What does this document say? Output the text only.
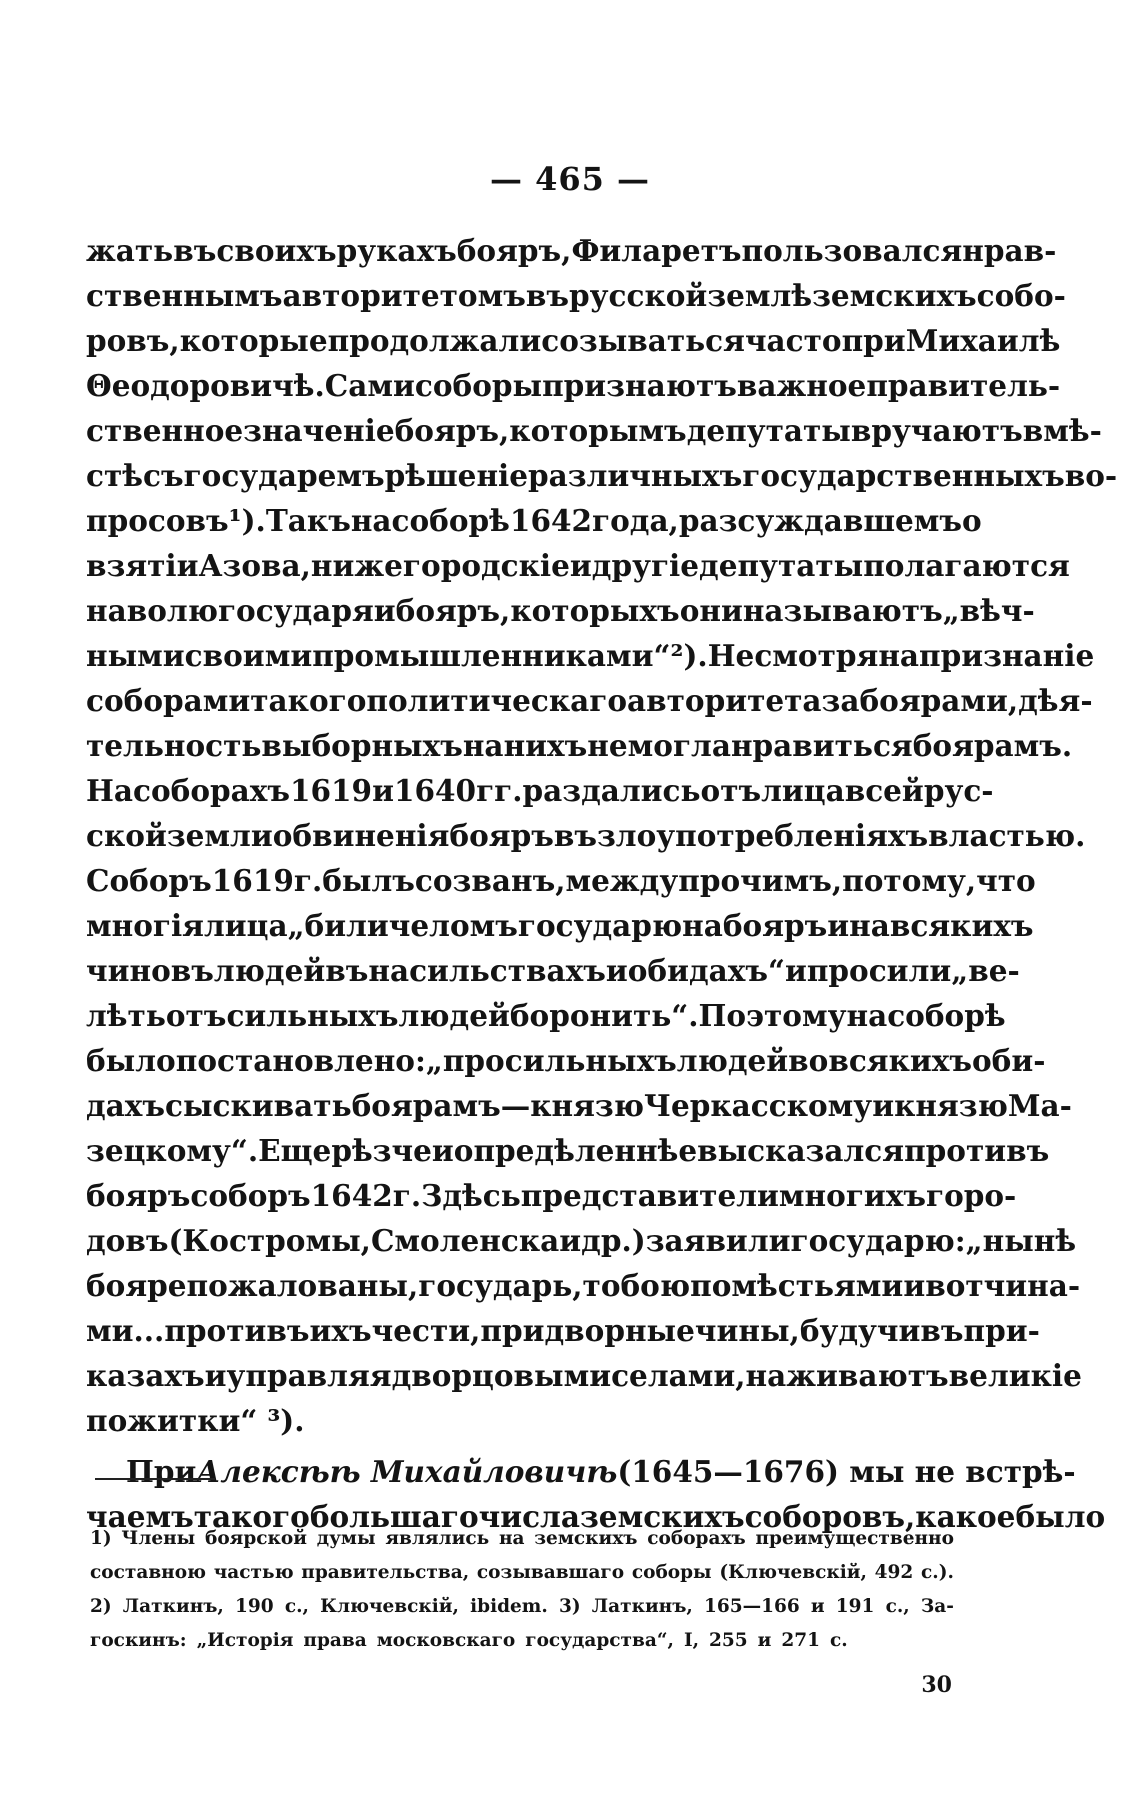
— 465 —
жать въ своихъ рукахъ бояръ, Филаретъ пользовался нрав-
ственнымъ авторитетомъ въ русской землѣ земскихъ собо-
ровъ, которые продолжали созываться часто при Михаилѣ
Θеодоровичѣ. Сами соборы признаютъ важное правитель-
ственное значеніе бояръ, которымъ депутаты вручаютъ вмѣ-
стѣ съ государемъ рѣшеніе различныхъ государственныхъ во-
просовъ ¹). Такъ на соборѣ 1642 года, разсуждавшемъ о
взятіи Азова, нижегородскіе и другіе депутаты полагаются
на волю государя и бояръ, которыхъ они называютъ „вѣч-
ными своими промышленниками“ ²). Не смотря на признаніе
соборами такого политическаго авторитета за боярами, дѣя-
тельность выборныхъ на нихъ не могла нравиться боярамъ.
На соборахъ 1619 и 1640 гг. раздались отъ лица всей рус-
ской земли обвиненія бояръ въ злоупотребленіяхъ властью.
Соборъ 1619 г. былъ созванъ, между прочимъ, потому, что
многія лица „били челомъ государю на бояръ и на всякихъ
чиновъ людей въ насильствахъ и обидахъ“ и просили „ве-
лѣть отъ сильныхъ людей боронить“. Поэтому на соборѣ
было постановлено: „про сильныхъ людей во всякихъ оби-
дахъ сыскивать боярамъ—князю Черкасскому и князю Ма-
зецкому“. Еще рѣзче и опредѣленнѣе высказался противъ
бояръ соборъ 1642 г. Здѣсь представители многихъ горо-
довъ (Костромы, Смоленска и др.) заявили государю: „нынѣ
бояре пожалованы, государь, тобою помѣстьями и вотчина-
ми... противъ ихъ чести, придворные чины, будучи въ при-
казахъ и управляя дворцовыми селами, наживаютъ великіе
пожитки“ ³).
При Алексѣѣ Михайловичѣ (1645—1676) мы не встрѣ-
чаемъ такого большаго числа земскихъ соборовъ, какое было
1) Члены боярской думы являлись на земскихъ соборахъ преимущественно
составною частью правительства, созывавшаго соборы (Ключевскій, 492 с.).
2) Латкинъ, 190 с., Ключевскій, ibidem. 3) Латкинъ, 165—166 и 191 с., За-
госкинъ: „Исторія права московскаго государства“, I, 255 и 271 с.
30
